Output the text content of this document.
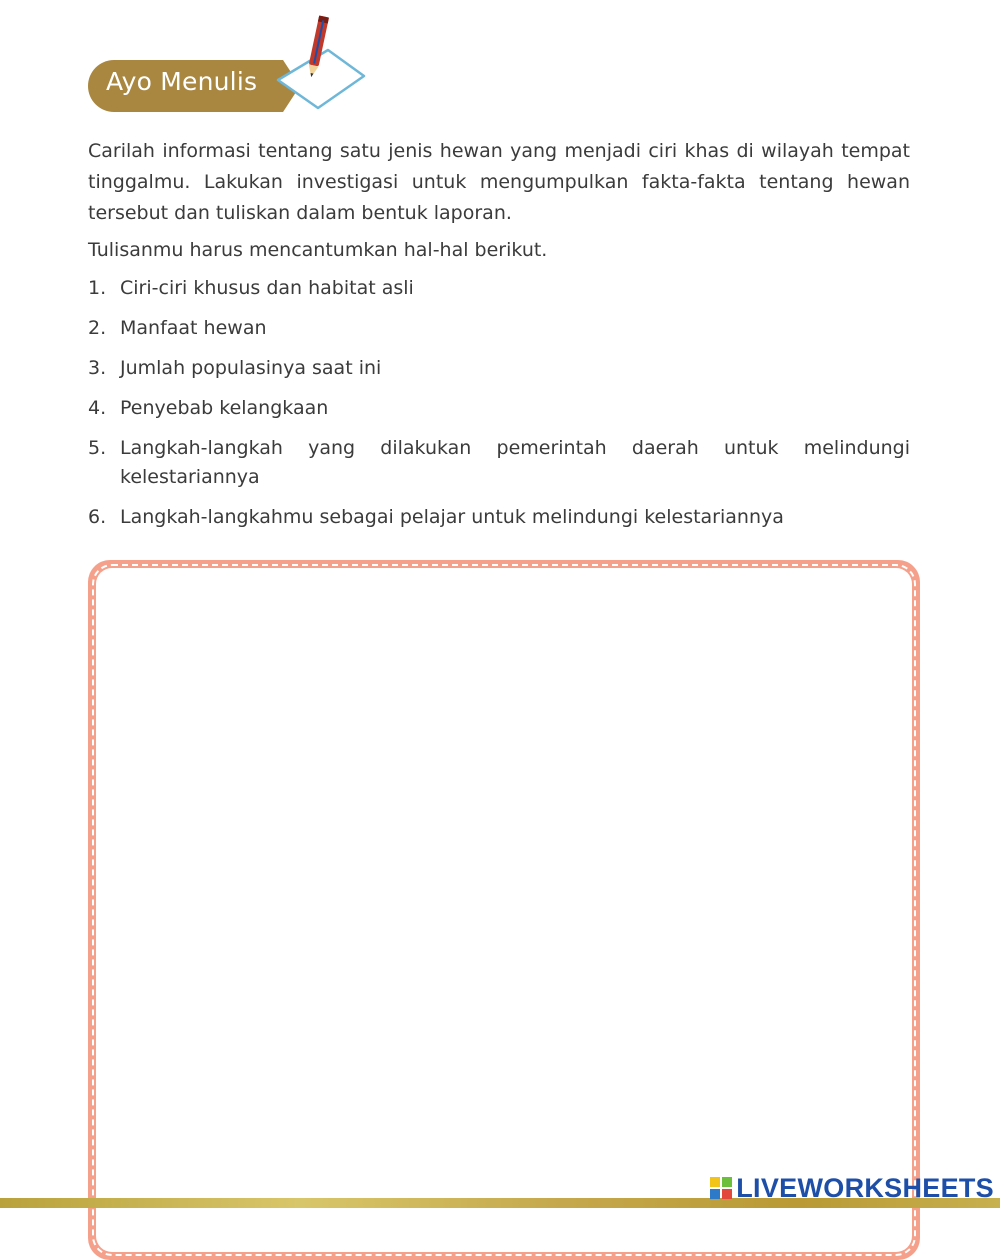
Ayo Menulis

Carilah informasi tentang satu jenis hewan yang menjadi ciri khas di wilayah tempat tinggalmu. Lakukan investigasi untuk mengumpulkan fakta-fakta tentang hewan tersebut dan tuliskan dalam bentuk laporan.

Tulisanmu harus mencantumkan hal-hal berikut.

1. Ciri-ciri khusus dan habitat asli
2. Manfaat hewan
3. Jumlah populasinya saat ini
4. Penyebab kelangkaan
5. Langkah-langkah yang dilakukan pemerintah daerah untuk melindungi kelestariannya
6. Langkah-langkahmu sebagai pelajar untuk melindungi kelestariannya
LIVEWORKSHEETS
